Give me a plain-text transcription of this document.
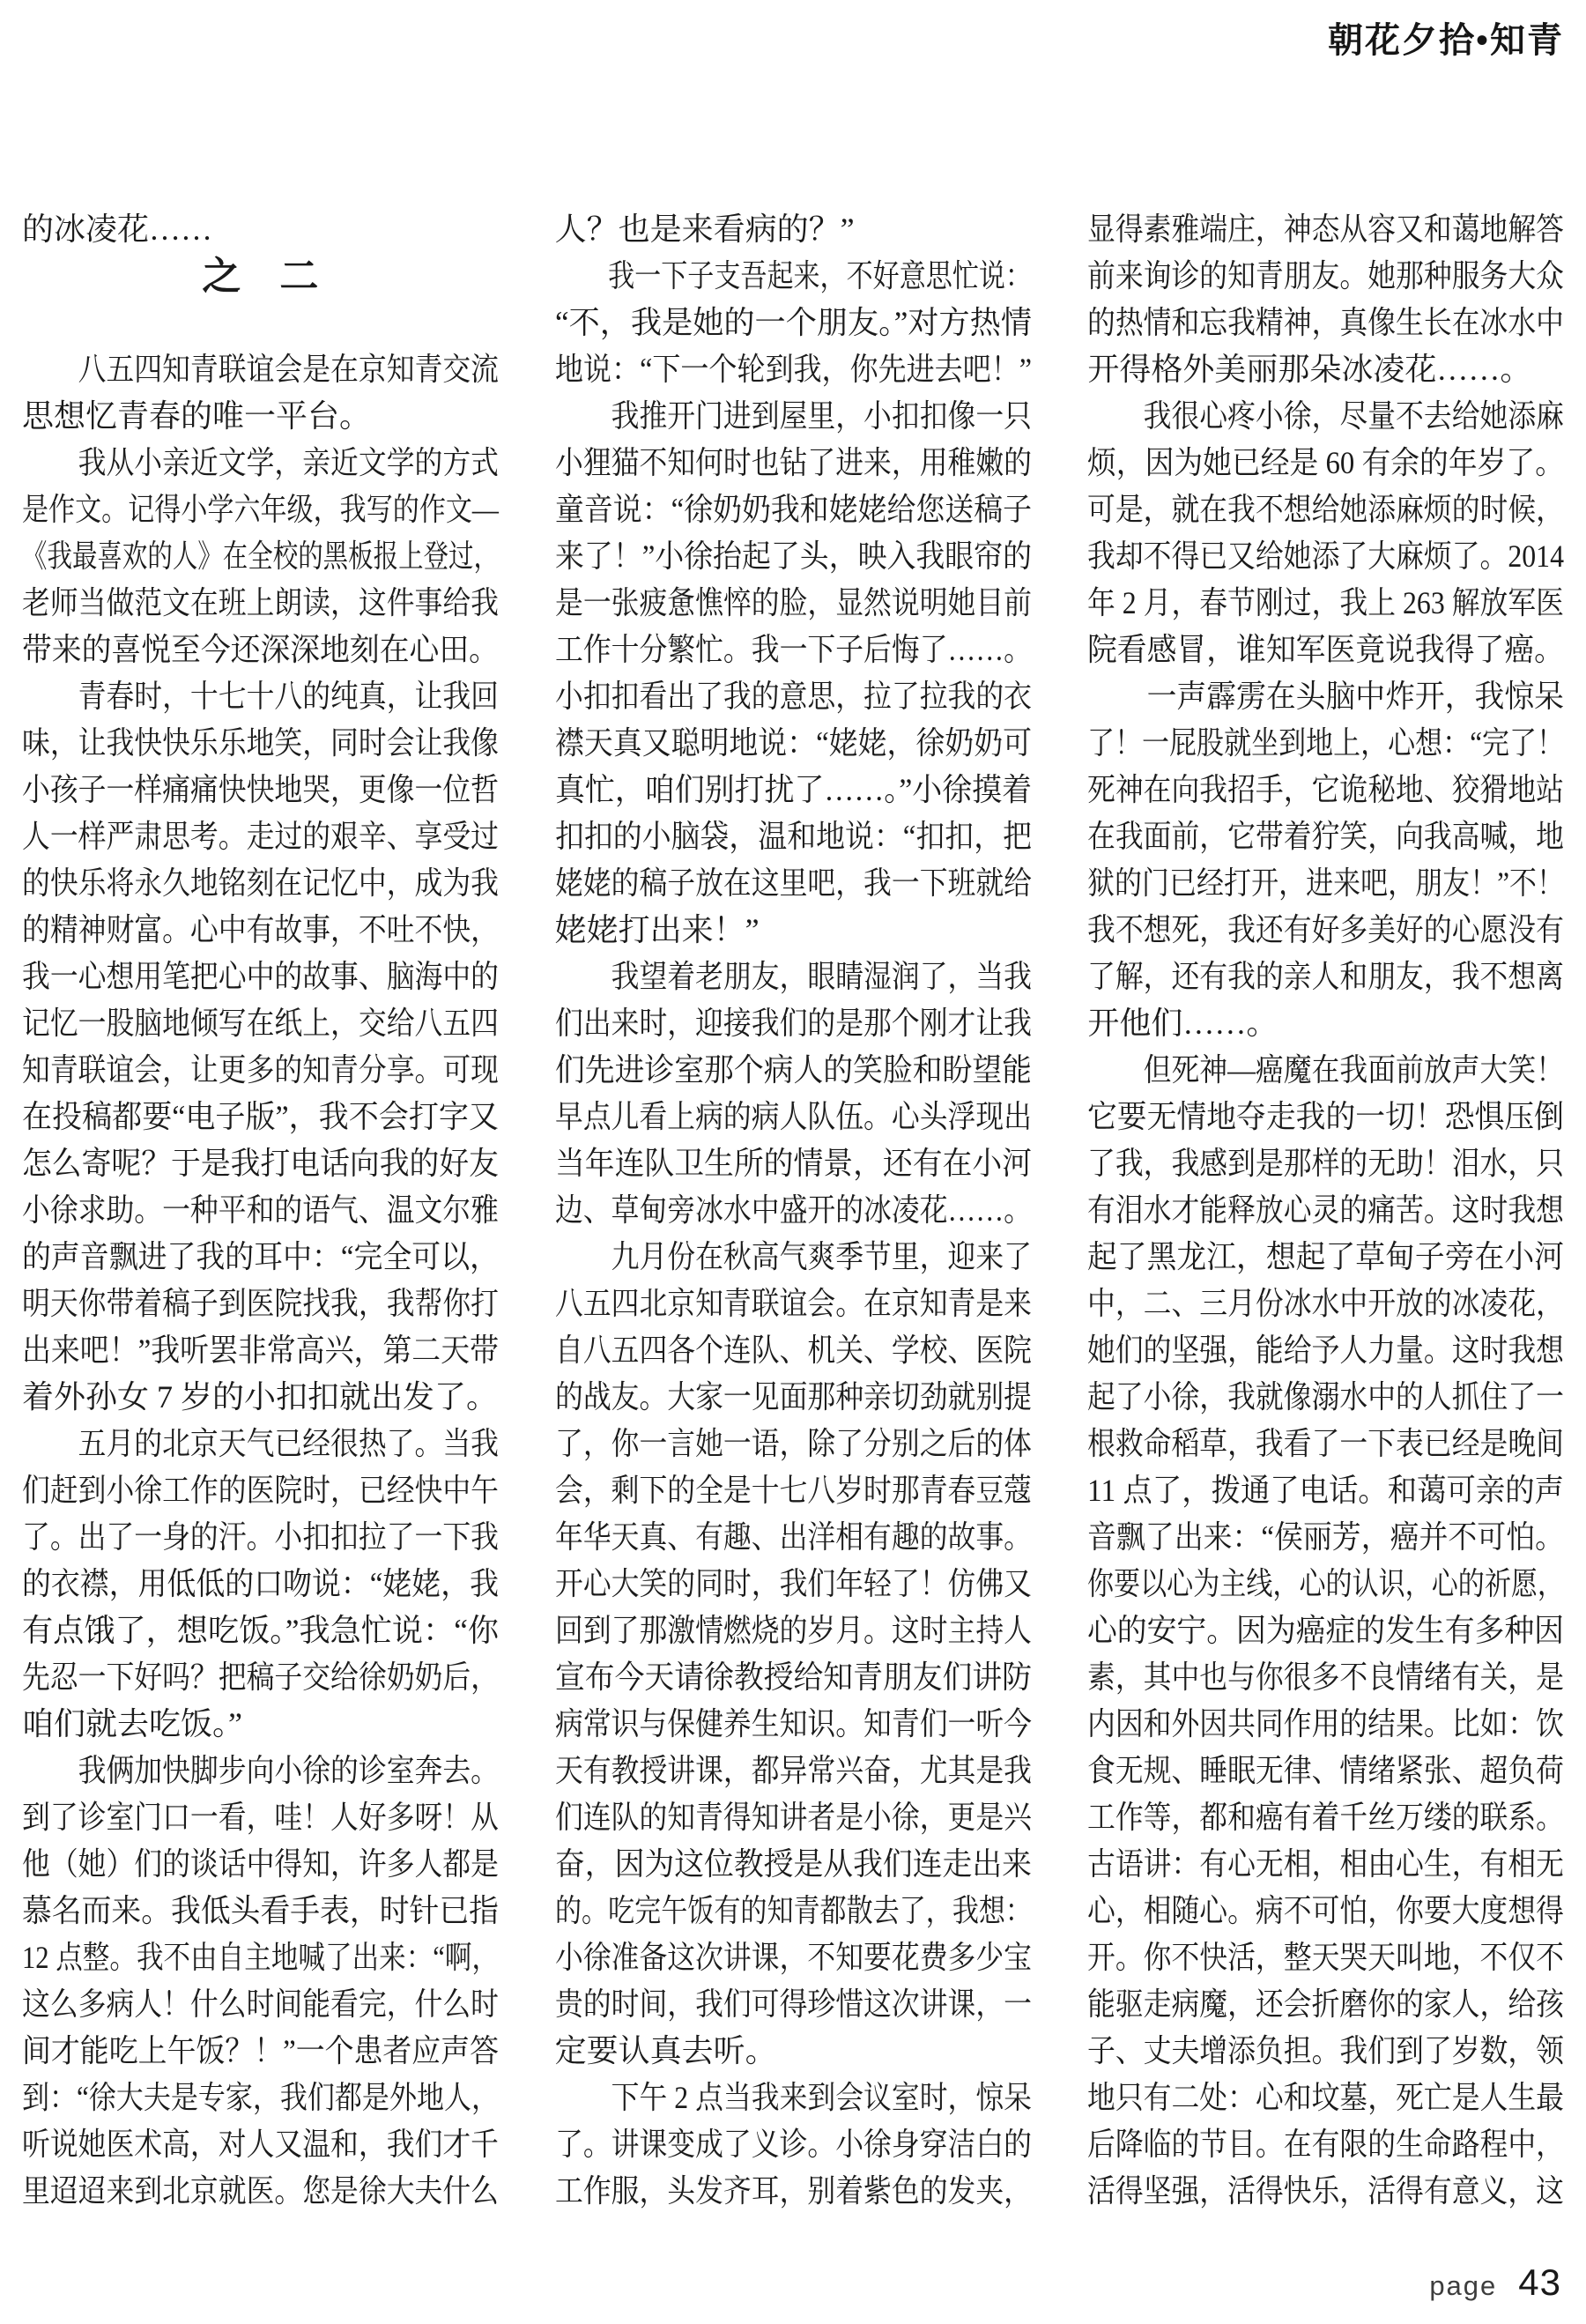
朝花夕拾•知青
的冰凌花……
之　二
　　八五四知青联谊会是在京知青交流
思想忆青春的唯一平台。
　　我从小亲近文学，亲近文学的方式
是作文。记得小学六年级，我写的作文—
《我最喜欢的人》在全校的黑板报上登过，
老师当做范文在班上朗读，这件事给我
带来的喜悦至今还深深地刻在心田。
　　青春时，十七十八的纯真，让我回
味，让我快快乐乐地笑，同时会让我像
小孩子一样痛痛快快地哭，更像一位哲
人一样严肃思考。走过的艰辛、享受过
的快乐将永久地铭刻在记忆中，成为我
的精神财富。心中有故事，不吐不快，
我一心想用笔把心中的故事、脑海中的
记忆一股脑地倾写在纸上，交给八五四
知青联谊会，让更多的知青分享。可现
在投稿都要“电子版”，我不会打字又
怎么寄呢？于是我打电话向我的好友
小徐求助。一种平和的语气、温文尔雅
的声音飘进了我的耳中：“完全可以，
明天你带着稿子到医院找我，我帮你打
出来吧！”我听罢非常高兴，第二天带
着外孙女 7 岁的小扣扣就出发了。
　　五月的北京天气已经很热了。当我
们赶到小徐工作的医院时，已经快中午
了。出了一身的汗。小扣扣拉了一下我
的衣襟，用低低的口吻说：“姥姥，我
有点饿了，想吃饭。”我急忙说：“你
先忍一下好吗？把稿子交给徐奶奶后，
咱们就去吃饭。”
　　我俩加快脚步向小徐的诊室奔去。
到了诊室门口一看，哇！人好多呀！从
他（她）们的谈话中得知，许多人都是
慕名而来。我低头看手表，时针已指
12 点整。我不由自主地喊了出来：“啊，
这么多病人！什么时间能看完，什么时
间才能吃上午饭？！”一个患者应声答
到：“徐大夫是专家，我们都是外地人，
听说她医术高，对人又温和，我们才千
里迢迢来到北京就医。您是徐大夫什么
人？也是来看病的？”
　　我一下子支吾起来，不好意思忙说：
“不，我是她的一个朋友。”对方热情
地说：“下一个轮到我，你先进去吧！”
　　我推开门进到屋里，小扣扣像一只
小狸猫不知何时也钻了进来，用稚嫩的
童音说：“徐奶奶我和姥姥给您送稿子
来了！”小徐抬起了头，映入我眼帘的
是一张疲惫憔悴的脸，显然说明她目前
工作十分繁忙。我一下子后悔了……。
小扣扣看出了我的意思，拉了拉我的衣
襟天真又聪明地说：“姥姥，徐奶奶可
真忙，咱们别打扰了……。”小徐摸着
扣扣的小脑袋，温和地说：“扣扣，把
姥姥的稿子放在这里吧，我一下班就给
姥姥打出来！”
　　我望着老朋友，眼睛湿润了，当我
们出来时，迎接我们的是那个刚才让我
们先进诊室那个病人的笑脸和盼望能
早点儿看上病的病人队伍。心头浮现出
当年连队卫生所的情景，还有在小河
边、草甸旁冰水中盛开的冰凌花……。
　　九月份在秋高气爽季节里，迎来了
八五四北京知青联谊会。在京知青是来
自八五四各个连队、机关、学校、医院
的战友。大家一见面那种亲切劲就别提
了，你一言她一语，除了分别之后的体
会，剩下的全是十七八岁时那青春豆蔻
年华天真、有趣、出洋相有趣的故事。
开心大笑的同时，我们年轻了！仿佛又
回到了那激情燃烧的岁月。这时主持人
宣布今天请徐教授给知青朋友们讲防
病常识与保健养生知识。知青们一听今
天有教授讲课，都异常兴奋，尤其是我
们连队的知青得知讲者是小徐，更是兴
奋，因为这位教授是从我们连走出来
的。吃完午饭有的知青都散去了，我想：
小徐准备这次讲课，不知要花费多少宝
贵的时间，我们可得珍惜这次讲课，一
定要认真去听。
　　下午 2 点当我来到会议室时，惊呆
了。讲课变成了义诊。小徐身穿洁白的
工作服，头发齐耳，别着紫色的发夹，
显得素雅端庄，神态从容又和蔼地解答
前来询诊的知青朋友。她那种服务大众
的热情和忘我精神，真像生长在冰水中
开得格外美丽那朵冰凌花……。
　　我很心疼小徐，尽量不去给她添麻
烦，因为她已经是 60 有余的年岁了。
可是，就在我不想给她添麻烦的时候，
我却不得已又给她添了大麻烦了。2014
年 2 月，春节刚过，我上 263 解放军医
院看感冒，谁知军医竟说我得了癌。
　　一声霹雳在头脑中炸开，我惊呆
了！一屁股就坐到地上，心想：“完了！
死神在向我招手，它诡秘地、狡猾地站
在我面前，它带着狞笑，向我高喊，地
狱的门已经打开，进来吧，朋友！”不！
我不想死，我还有好多美好的心愿没有
了解，还有我的亲人和朋友，我不想离
开他们……。
　　但死神—癌魔在我面前放声大笑！
它要无情地夺走我的一切！恐惧压倒
了我，我感到是那样的无助！泪水，只
有泪水才能释放心灵的痛苦。这时我想
起了黑龙江，想起了草甸子旁在小河
中，二、三月份冰水中开放的冰凌花，
她们的坚强，能给予人力量。这时我想
起了小徐，我就像溺水中的人抓住了一
根救命稻草，我看了一下表已经是晚间
11 点了，拨通了电话。和蔼可亲的声
音飘了出来：“侯丽芳，癌并不可怕。
你要以心为主线，心的认识，心的祈愿，
心的安宁。因为癌症的发生有多种因
素，其中也与你很多不良情绪有关，是
内因和外因共同作用的结果。比如：饮
食无规、睡眠无律、情绪紧张、超负荷
工作等，都和癌有着千丝万缕的联系。
古语讲：有心无相，相由心生，有相无
心，相随心。病不可怕，你要大度想得
开。你不快活，整天哭天叫地，不仅不
能驱走病魔，还会折磨你的家人，给孩
子、丈夫增添负担。我们到了岁数，领
地只有二处：心和坟墓，死亡是人生最
后降临的节目。在有限的生命路程中，
活得坚强，活得快乐，活得有意义，这
page 43
